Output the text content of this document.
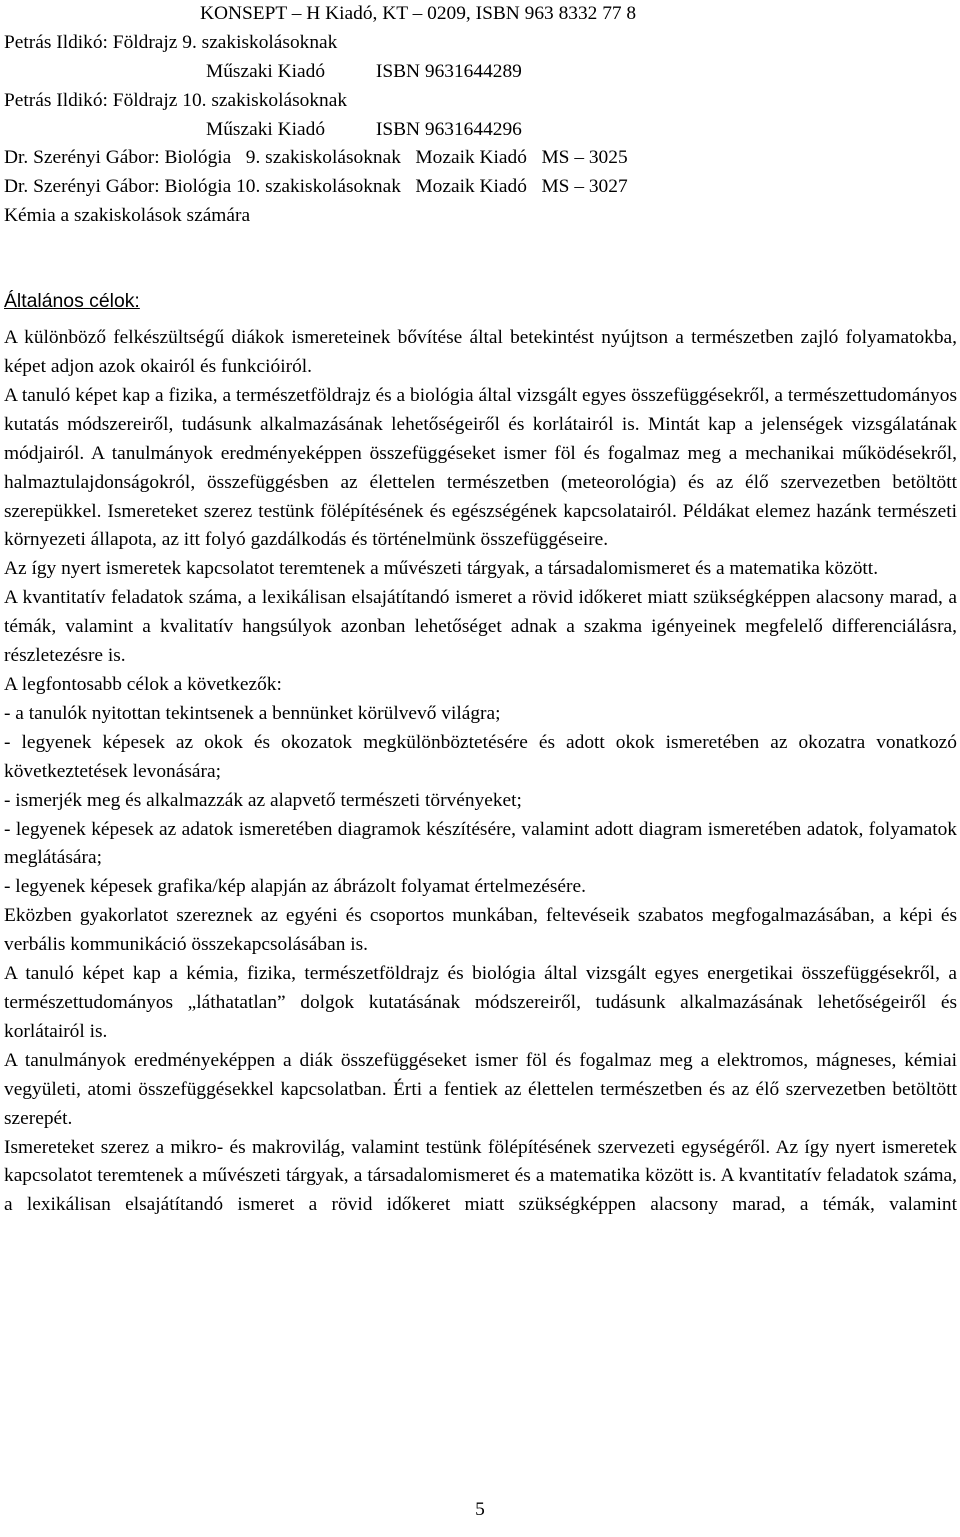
KONSEPT – H Kiadó, KT – 0209, ISBN 963 8332 77 8
Petrás Ildikó: Földrajz 9. szakiskolásoknak
Műszaki Kiadó	ISBN 9631644289
Petrás Ildikó: Földrajz 10. szakiskolásoknak
Műszaki Kiadó	ISBN 9631644296
Dr. Szerényi Gábor: Biológia   9. szakiskolásoknak   Mozaik Kiadó   MS – 3025
Dr. Szerényi Gábor: Biológia 10. szakiskolásoknak   Mozaik Kiadó   MS – 3027
Kémia a szakiskolások számára
Általános célok:

A különböző felkészültségű diákok ismereteinek bővítése által betekintést nyújtson a természetben zajló folyamatokba, képet adjon azok okairól és funkcióiról.

A tanuló képet kap a fizika, a természetföldrajz és a biológia által vizsgált egyes összefüggésekről, a természettudományos kutatás módszereiről, tudásunk alkalmazásának lehetőségeiről és korlátairól is. Mintát kap a jelenségek vizsgálatának módjairól. A tanulmányok eredményeképpen összefüggéseket ismer föl és fogalmaz meg a mechanikai működésekről, halmaztulajdonságokról, összefüggésben az élettelen természetben (meteorológia) és az élő szervezetben betöltött szerepükkel. Ismereteket szerez testünk fölépítésének és egészségének kapcsolatairól. Példákat elemez hazánk természeti környezeti állapota, az itt folyó gazdálkodás és történelmünk összefüggéseire.

Az így nyert ismeretek kapcsolatot teremtenek a művészeti tárgyak, a társadalomismeret és a matematika között.

A kvantitatív feladatok száma, a lexikálisan elsajátítandó ismeret a rövid időkeret miatt szükségképpen alacsony marad, a témák, valamint a kvalitatív hangsúlyok azonban lehetőséget adnak a szakma igényeinek megfelelő differenciálásra, részletezésre is.

A legfontosabb célok a következők:

- a tanulók nyitottan tekintsenek a bennünket körülvevő világra;

- legyenek képesek az okok és okozatok megkülönböztetésére és adott okok ismeretében az okozatra vonatkozó következtetések levonására;

- ismerjék meg és alkalmazzák az alapvető természeti törvényeket;

- legyenek képesek az adatok ismeretében diagramok készítésére, valamint adott diagram ismeretében adatok, folyamatok meglátására;

- legyenek képesek grafika/kép alapján az ábrázolt folyamat értelmezésére.

Eközben gyakorlatot szereznek az egyéni és csoportos munkában, feltevéseik szabatos megfogalmazásában, a képi és verbális kommunikáció összekapcsolásában is.

A tanuló képet kap a kémia, fizika, természetföldrajz és biológia által vizsgált egyes energetikai összefüggésekről, a természettudományos „láthatatlan” dolgok kutatásának módszereiről, tudásunk alkalmazásának lehetőségeiről és korlátairól is.

A tanulmányok eredményeképpen a diák összefüggéseket ismer föl és fogalmaz meg a elektromos, mágneses, kémiai vegyületi, atomi összefüggésekkel kapcsolatban. Érti a fentiek az élettelen természetben és az élő szervezetben betöltött szerepét.

Ismereteket szerez a mikro- és makrovilág, valamint testünk fölépítésének szervezeti egységéről. Az így nyert ismeretek kapcsolatot teremtenek a művészeti tárgyak, a társadalomismeret és a matematika között is. A kvantitatív feladatok száma, a lexikálisan elsajátítandó ismeret a rövid időkeret miatt szükségképpen alacsony marad, a témák, valamint

5
